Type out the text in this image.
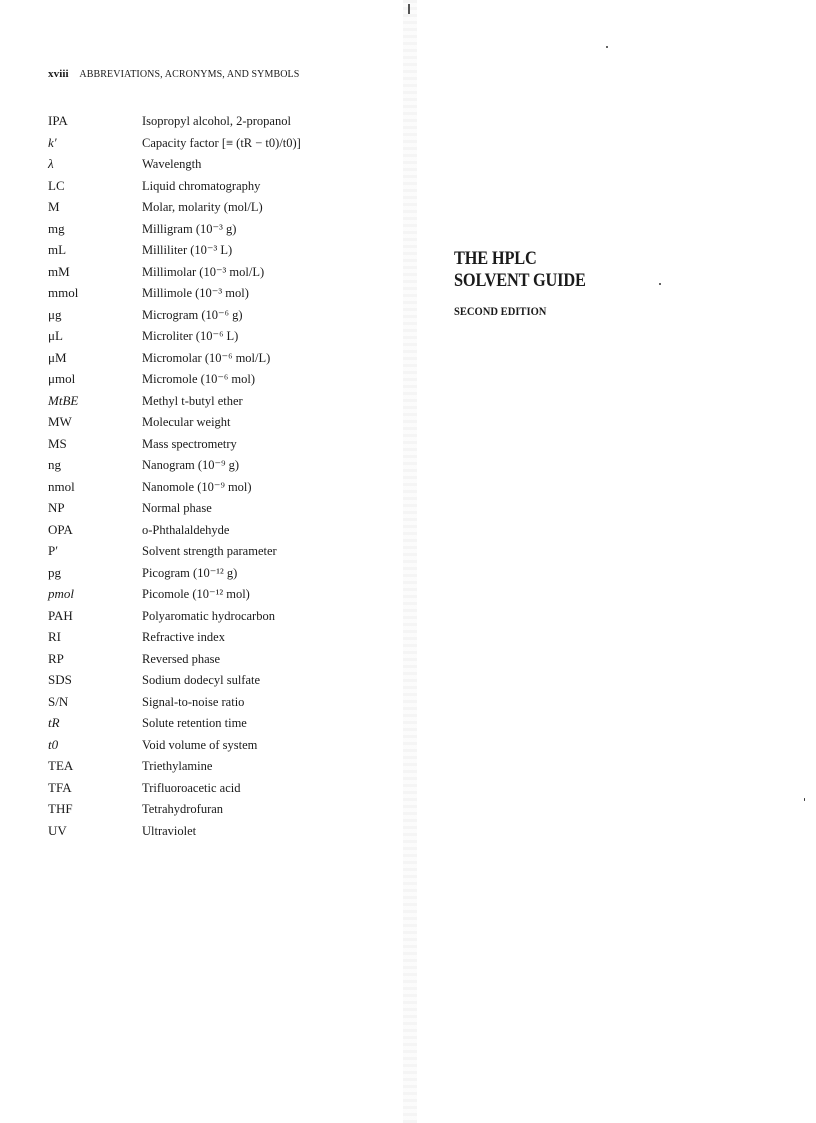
xviii ABBREVIATIONS, ACRONYMS, AND SYMBOLS
IPA	Isopropyl alcohol, 2-propanol
k′	Capacity factor [≡ (tR − t0)/t0)]
λ	Wavelength
LC	Liquid chromatography
M	Molar, molarity (mol/L)
mg	Milligram (10⁻³ g)
mL	Milliliter (10⁻³ L)
mM	Millimolar (10⁻³ mol/L)
mmol	Millimole (10⁻³ mol)
μg	Microgram (10⁻⁶ g)
μL	Microliter (10⁻⁶ L)
μM	Micromolar (10⁻⁶ mol/L)
μmol	Micromole (10⁻⁶ mol)
MtBE	Methyl t-butyl ether
MW	Molecular weight
MS	Mass spectrometry
ng	Nanogram (10⁻⁹ g)
nmol	Nanomole (10⁻⁹ mol)
NP	Normal phase
OPA	o-Phthalaldehyde
P′	Solvent strength parameter
pg	Picogram (10⁻¹² g)
pmol	Picomole (10⁻¹² mol)
PAH	Polyaromatic hydrocarbon
RI	Refractive index
RP	Reversed phase
SDS	Sodium dodecyl sulfate
S/N	Signal-to-noise ratio
tR	Solute retention time
t0	Void volume of system
TEA	Triethylamine
TFA	Trifluoroacetic acid
THF	Tetrahydrofuran
UV	Ultraviolet
THE HPLC
SOLVENT GUIDE
SECOND EDITION
